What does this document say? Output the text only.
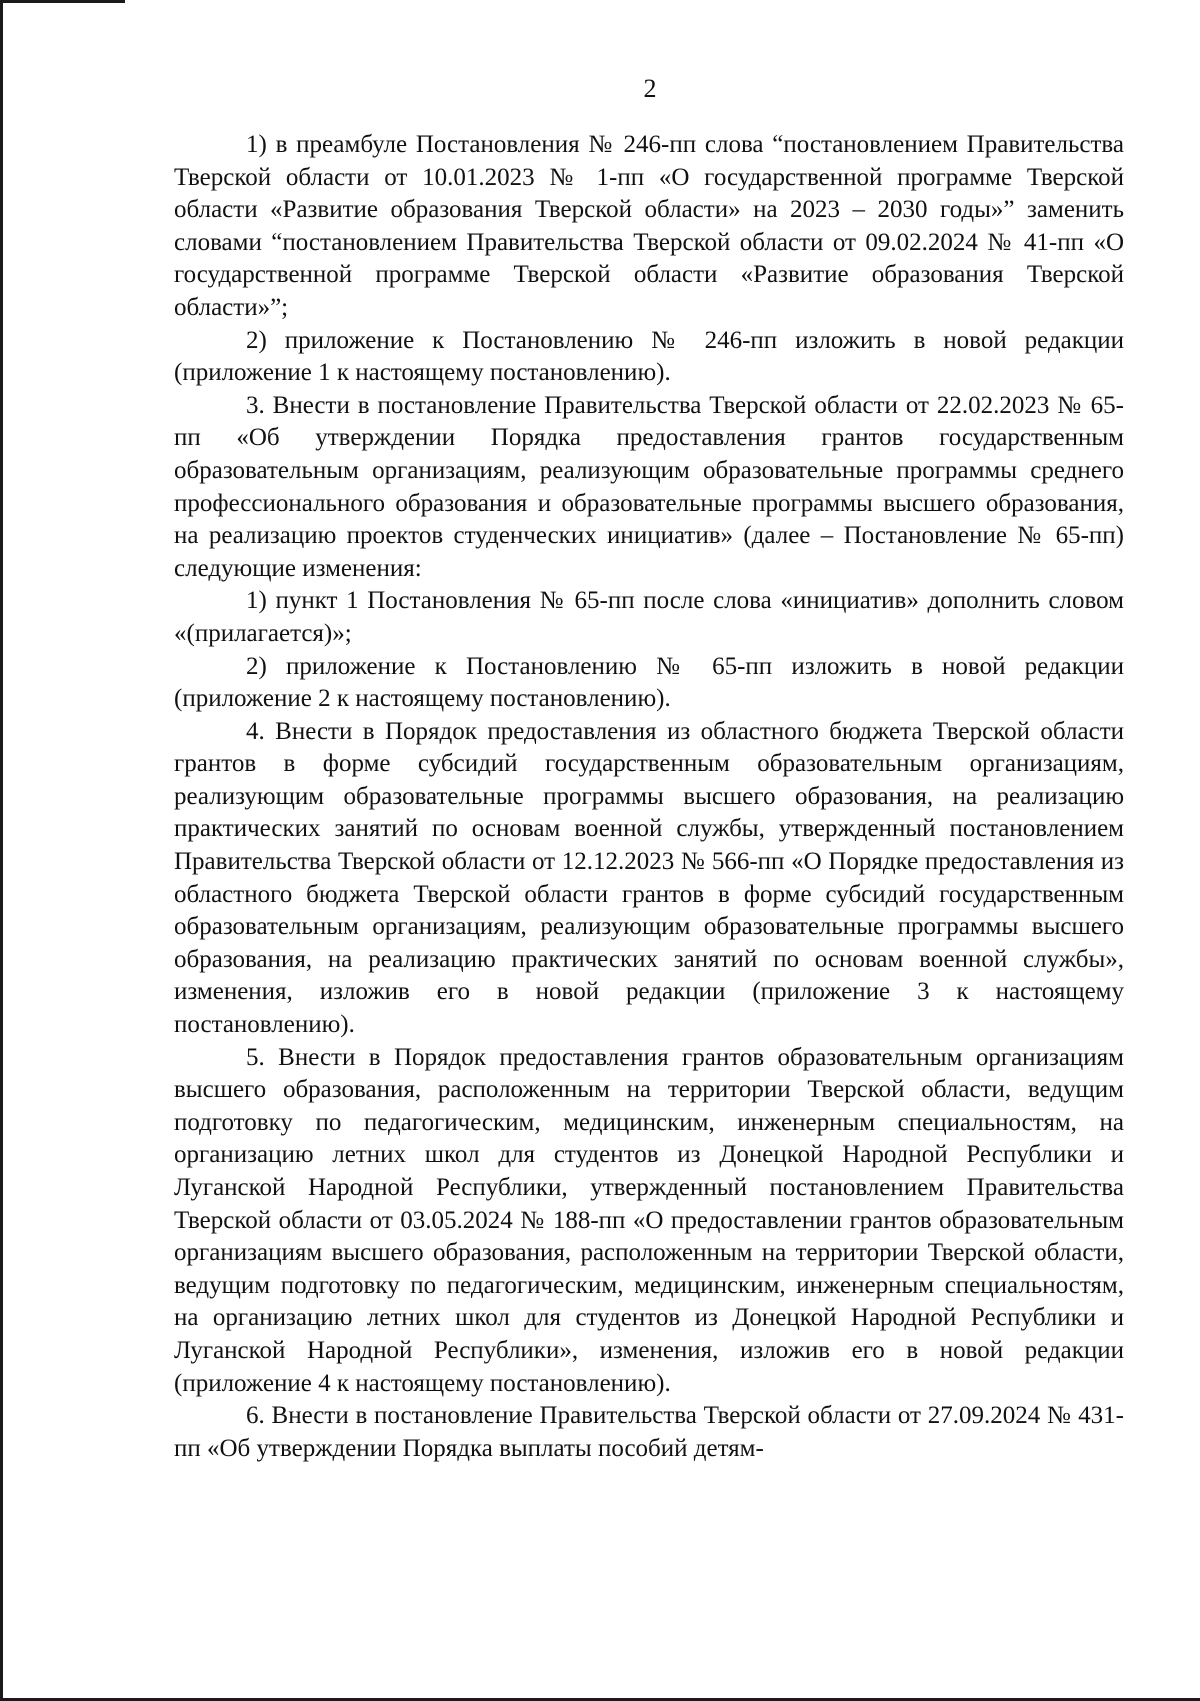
2

1) в преамбуле Постановления № 246-пп слова “постановлением Правительства Тверской области от 10.01.2023 № 1-пп «О государственной программе Тверской области «Развитие образования Тверской области» на 2023 – 2030 годы»” заменить словами “постановлением Правительства Тверской области от 09.02.2024 № 41-пп «О государственной программе Тверской области «Развитие образования Тверской области»”;

2) приложение к Постановлению № 246-пп изложить в новой редакции (приложение 1 к настоящему постановлению).

3. Внести в постановление Правительства Тверской области от 22.02.2023 № 65-пп «Об утверждении Порядка предоставления грантов государственным образовательным организациям, реализующим образовательные программы среднего профессионального образования и образовательные программы высшего образования, на реализацию проектов студенческих инициатив» (далее – Постановление № 65-пп) следующие изменения:

1) пункт 1 Постановления № 65-пп после слова «инициатив» дополнить словом «(прилагается)»;

2) приложение к Постановлению № 65-пп изложить в новой редакции (приложение 2 к настоящему постановлению).

4. Внести в Порядок предоставления из областного бюджета Тверской области грантов в форме субсидий государственным образовательным организациям, реализующим образовательные программы высшего образования, на реализацию практических занятий по основам военной службы, утвержденный постановлением Правительства Тверской области от 12.12.2023 № 566-пп «О Порядке предоставления из областного бюджета Тверской области грантов в форме субсидий государственным образовательным организациям, реализующим образовательные программы высшего образования, на реализацию практических занятий по основам военной службы», изменения, изложив его в новой редакции (приложение 3 к настоящему постановлению).

5. Внести в Порядок предоставления грантов образовательным организациям высшего образования, расположенным на территории Тверской области, ведущим подготовку по педагогическим, медицинским, инженерным специальностям, на организацию летних школ для студентов из Донецкой Народной Республики и Луганской Народной Республики, утвержденный постановлением Правительства Тверской области от 03.05.2024 № 188-пп «О предоставлении грантов образовательным организациям высшего образования, расположенным на территории Тверской области, ведущим подготовку по педагогическим, медицинским, инженерным специальностям, на организацию летних школ для студентов из Донецкой Народной Республики и Луганской Народной Республики», изменения, изложив его в новой редакции (приложение 4 к настоящему постановлению).

6. Внести в постановление Правительства Тверской области от 27.09.2024 № 431-пп «Об утверждении Порядка выплаты пособий детям-
